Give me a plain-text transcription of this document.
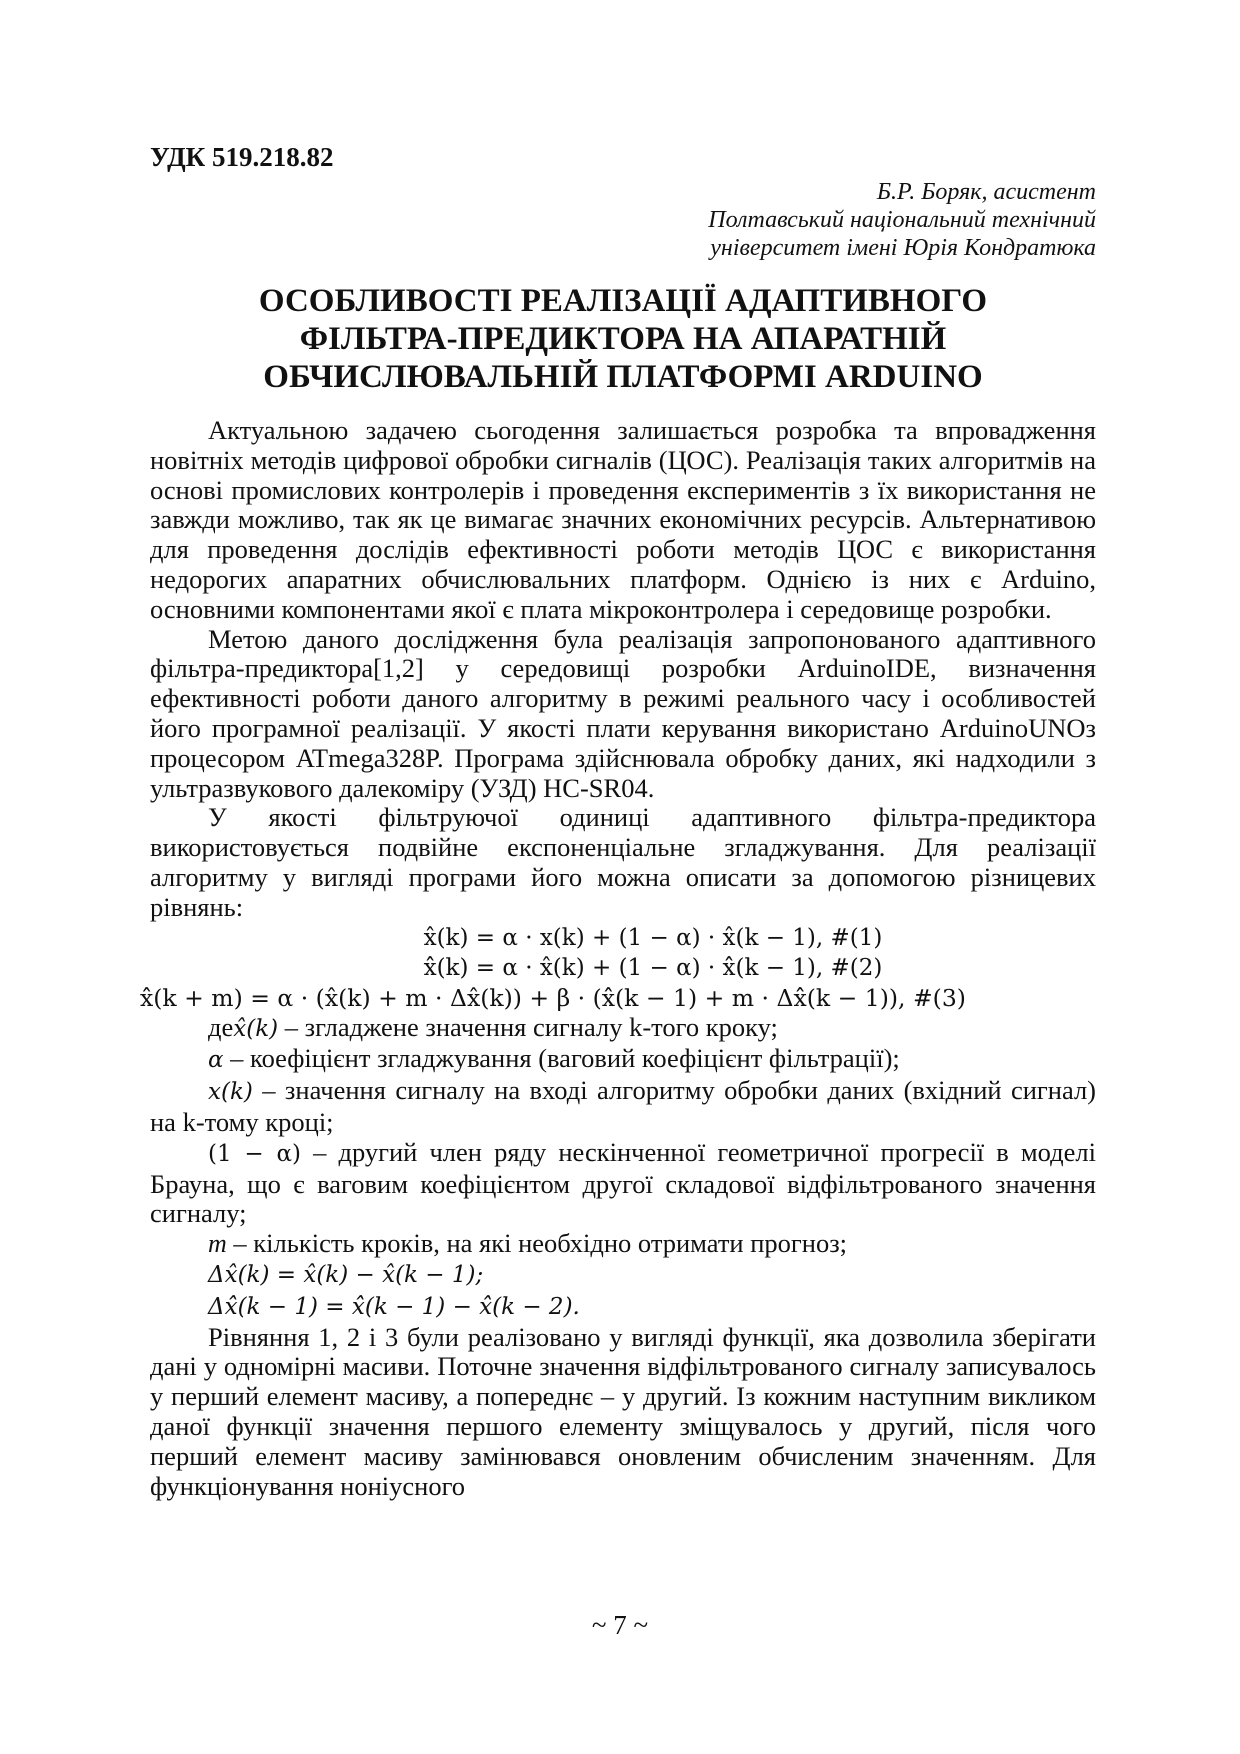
УДК 519.218.82

Б.Р. Боряк, асистент
Полтавський національний технічний
університет імені Юрія Кондратюка
ОСОБЛИВОСТІ РЕАЛІЗАЦІЇ АДАПТИВНОГО
ФІЛЬТРА-ПРЕДИКТОРА НА АПАРАТНІЙ
ОБЧИСЛЮВАЛЬНІЙ ПЛАТФОРМІ ARDUINO

Актуальною задачею сьогодення залишається розробка та впровадження новітніх методів цифрової обробки сигналів (ЦОС). Реалізація таких алгоритмів на основі промислових контролерів і проведення експериментів з їх використання не завжди можливо, так як це вимагає значних економічних ресурсів. Альтернативою для проведення дослідів ефективності роботи методів ЦОС є використання недорогих апаратних обчислювальних платформ. Однією із них є Arduino, основними компонентами якої є плата мікроконтролера і середовище розробки.

Метою даного дослідження була реалізація запропонованого адаптивного фільтра-предиктора[1,2] у середовищі розробки ArduinoIDE, визначення ефективності роботи даного алгоритму в режимі реального часу і особливостей його програмної реалізації. У якості плати керування використано ArduinoUNOз процесором ATmega328P. Програма здійснювала обробку даних, які надходили з ультразвукового далекоміру (УЗД) HC-SR04.

У якості фільтруючої одиниці адаптивного фільтра-предиктора використовується подвійне експоненціальне згладжування. Для реалізації алгоритму у вигляді програми його можна описати за допомогою різницевих рівнянь:

x̂(k) = α · x(k) + (1 − α) · x̂(k − 1), #(1)
x̂̂(k) = α · x̂(k) + (1 − α) · x̂̂(k − 1), #(2)
x̂̂(k + m) = α · (x̂(k) + m · Δx̂(k)) + β · (x̂̂(k − 1) + m · Δx̂̂(k − 1)), #(3)

деx̂(k) – згладжене значення сигналу k-того кроку;

α – коефіцієнт згладжування (ваговий коефіцієнт фільтрації);

x(k) – значення сигналу на вході алгоритму обробки даних (вхідний сигнал) на k-тому кроці;

(1 − α) – другий член ряду нескінченної геометричної прогресії в моделі Брауна, що є ваговим коефіцієнтом другої складової відфільтрованого значення сигналу;

m – кількість кроків, на які необхідно отримати прогноз;

Δx̂(k) = x̂(k) − x̂(k − 1);

Δx̂̂(k − 1) = x̂̂(k − 1) − x̂̂(k − 2).

Рівняння 1, 2 і 3 були реалізовано у вигляді функції, яка дозволила зберігати дані у одномірні масиви. Поточне значення відфільтрованого сигналу записувалось у перший елемент масиву, а попереднє – у другий. Із кожним наступним викликом даної функції значення першого елементу зміщувалось у другий, після чого перший елемент масиву замінювався оновленим обчисленим значенням. Для функціонування ноніусного

~ 7 ~
